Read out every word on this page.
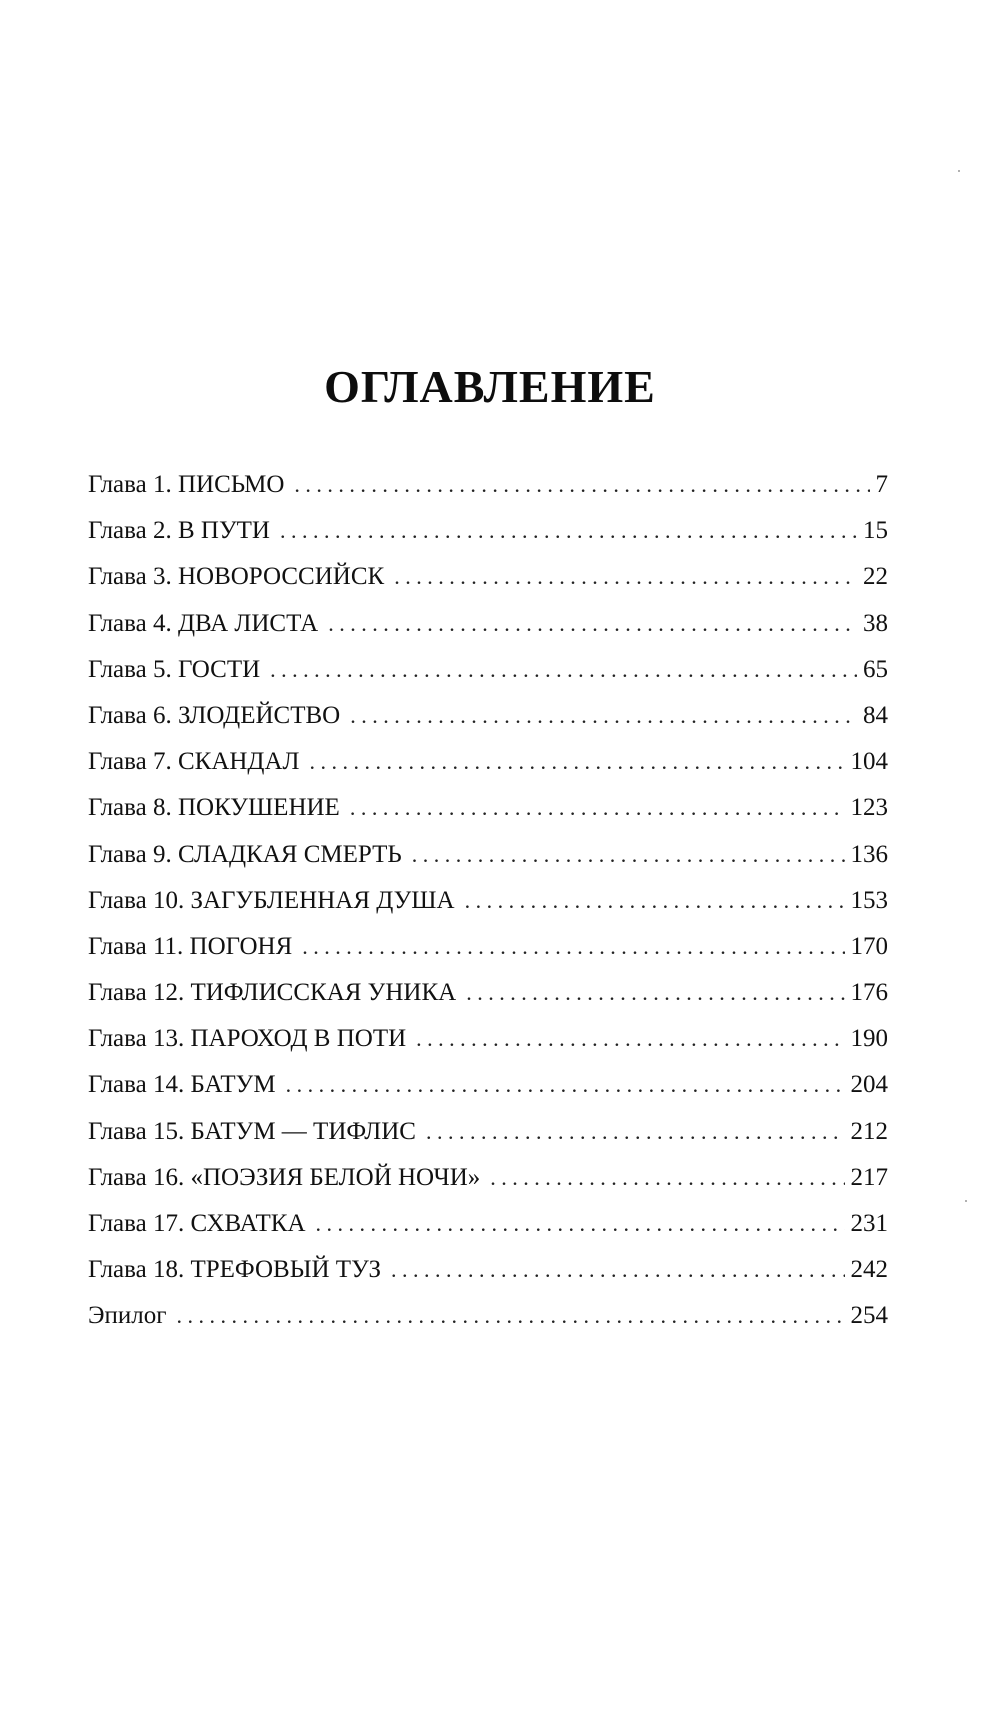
ОГЛАВЛЕНИЕ
Глава 1. ПИСЬМО . . .	7
Глава 2. В ПУТИ . . .	15
Глава 3. НОВОРОССИЙСК . . .	22
Глава 4. ДВА ЛИСТА . . .	38
Глава 5. ГОСТИ . . .	65
Глава 6. ЗЛОДЕЙСТВО . . .	84
Глава 7. СКАНДАЛ . . .	104
Глава 8. ПОКУШЕНИЕ . . .	123
Глава 9. СЛАДКАЯ СМЕРТЬ . . .	136
Глава 10. ЗАГУБЛЕННАЯ ДУША . . .	153
Глава 11. ПОГОНЯ . . .	170
Глава 12. ТИФЛИССКАЯ УНИКА . . .	176
Глава 13. ПАРОХОД В ПОТИ . . .	190
Глава 14. БАТУМ . . .	204
Глава 15. БАТУМ — ТИФЛИС . . .	212
Глава 16. «ПОЭЗИЯ БЕЛОЙ НОЧИ» . . .	217
Глава 17. СХВАТКА . . .	231
Глава 18. ТРЕФОВЫЙ ТУЗ . . .	242
Эпилог . . .	254
